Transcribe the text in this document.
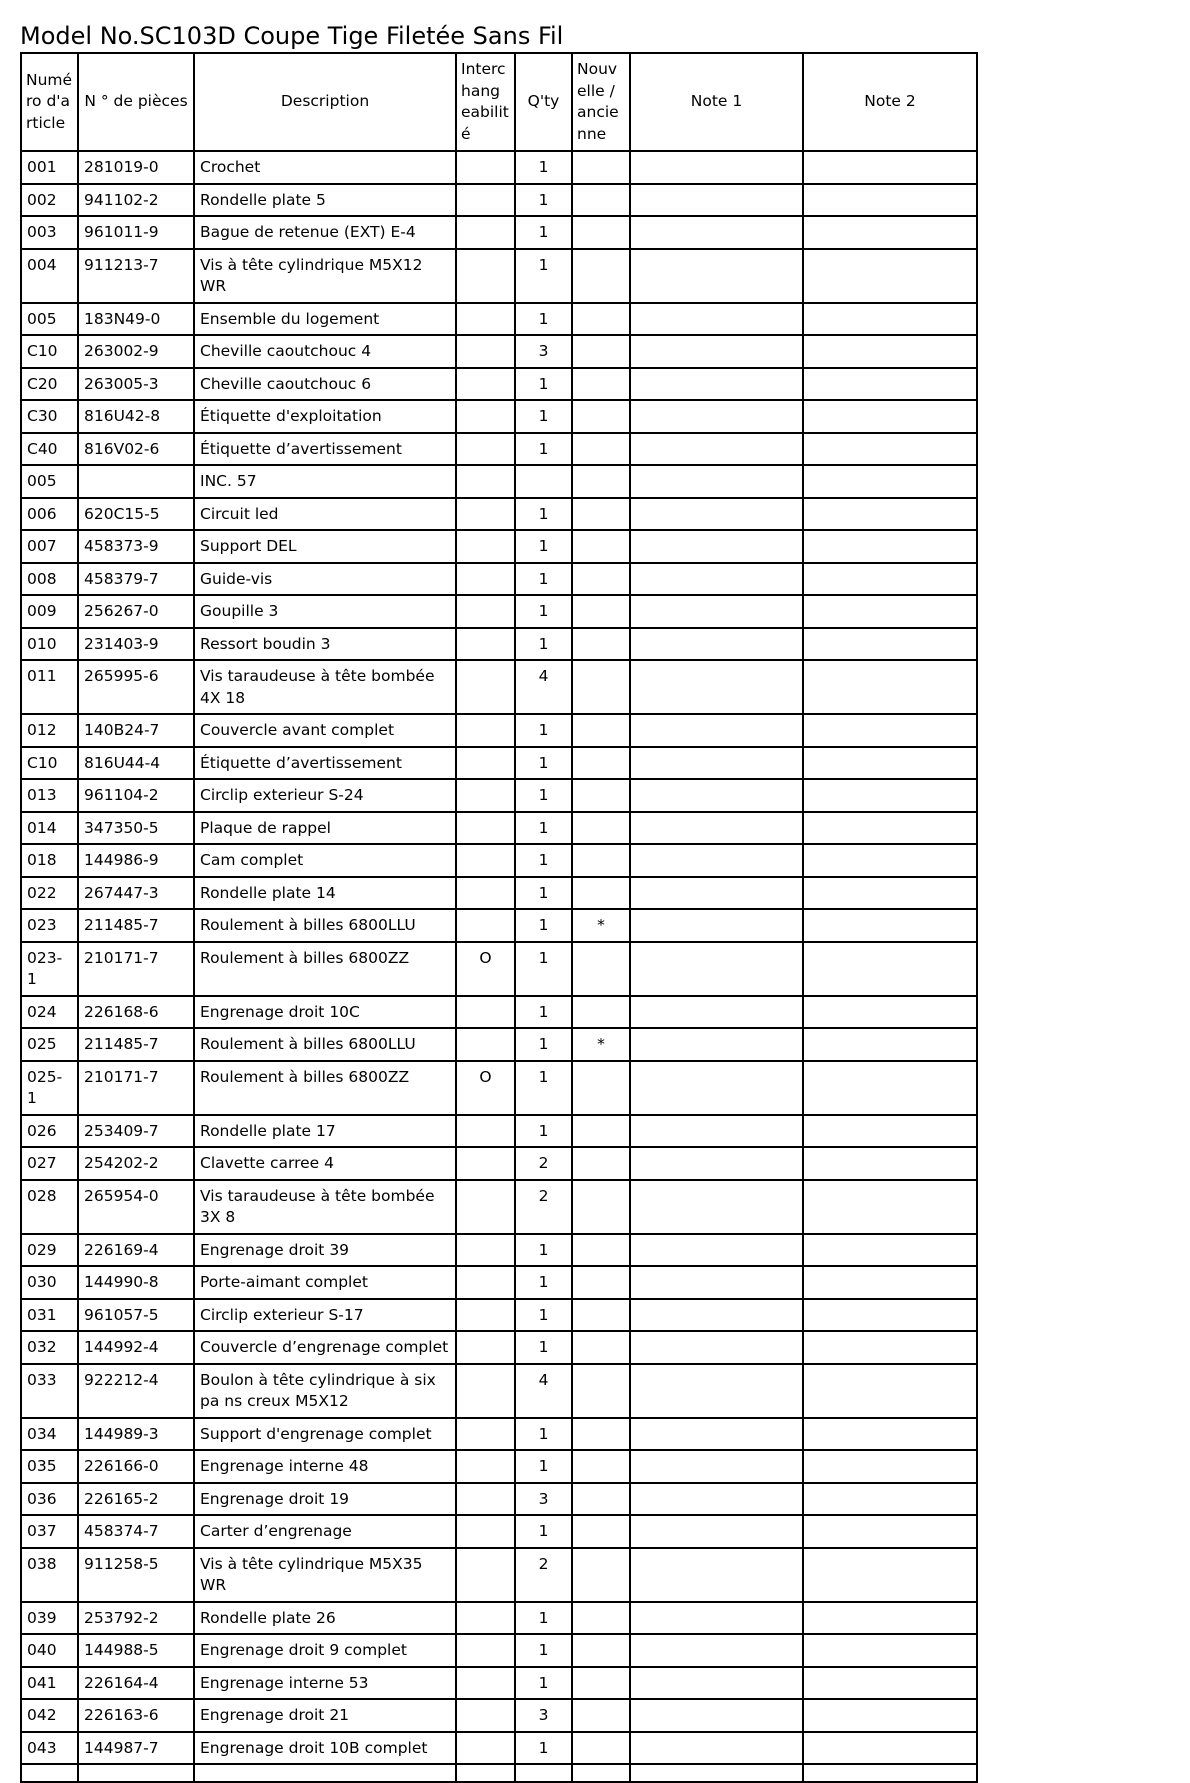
Model No.SC103D Coupe Tige Filetée Sans Fil
Numé ro d'a rticle	N ° de pièces	Description	Interc hang eabilit é	Q'ty	Nouv elle / ancie nne	Note 1	Note 2
001	281019-0	Crochet		1			
002	941102-2	Rondelle plate 5		1			
003	961011-9	Bague de retenue (EXT) E-4		1			
004	911213-7	Vis à tête cylindrique M5X12 WR		1			
005	183N49-0	Ensemble du logement		1			
C10	263002-9	Cheville caoutchouc 4		3			
C20	263005-3	Cheville caoutchouc 6		1			
C30	816U42-8	Étiquette d'exploitation		1			
C40	816V02-6	Étiquette d’avertissement		1			
005		INC. 57					
006	620C15-5	Circuit led		1			
007	458373-9	Support DEL		1			
008	458379-7	Guide-vis		1			
009	256267-0	Goupille 3		1			
010	231403-9	Ressort boudin 3		1			
011	265995-6	Vis taraudeuse à tête bombée 4X 18		4			
012	140B24-7	Couvercle avant complet		1			
C10	816U44-4	Étiquette d’avertissement		1			
013	961104-2	Circlip exterieur S-24		1			
014	347350-5	Plaque de rappel		1			
018	144986-9	Cam complet		1			
022	267447-3	Rondelle plate 14		1			
023	211485-7	Roulement à billes 6800LLU		1	*		
023-1	210171-7	Roulement à billes 6800ZZ	O	1			
024	226168-6	Engrenage droit 10C		1			
025	211485-7	Roulement à billes 6800LLU		1	*		
025-1	210171-7	Roulement à billes 6800ZZ	O	1			
026	253409-7	Rondelle plate 17		1			
027	254202-2	Clavette carree 4		2			
028	265954-0	Vis taraudeuse à tête bombée 3X 8		2			
029	226169-4	Engrenage droit 39		1			
030	144990-8	Porte-aimant complet		1			
031	961057-5	Circlip exterieur S-17		1			
032	144992-4	Couvercle d’engrenage complet		1			
033	922212-4	Boulon à tête cylindrique à six pa ns creux M5X12		4			
034	144989-3	Support d'engrenage complet		1			
035	226166-0	Engrenage interne 48		1			
036	226165-2	Engrenage droit 19		3			
037	458374-7	Carter d’engrenage		1			
038	911258-5	Vis à tête cylindrique M5X35 WR		2			
039	253792-2	Rondelle plate 26		1			
040	144988-5	Engrenage droit 9 complet		1			
041	226164-4	Engrenage interne 53		1			
042	226163-6	Engrenage droit 21		3			
043	144987-7	Engrenage droit 10B complet		1			
